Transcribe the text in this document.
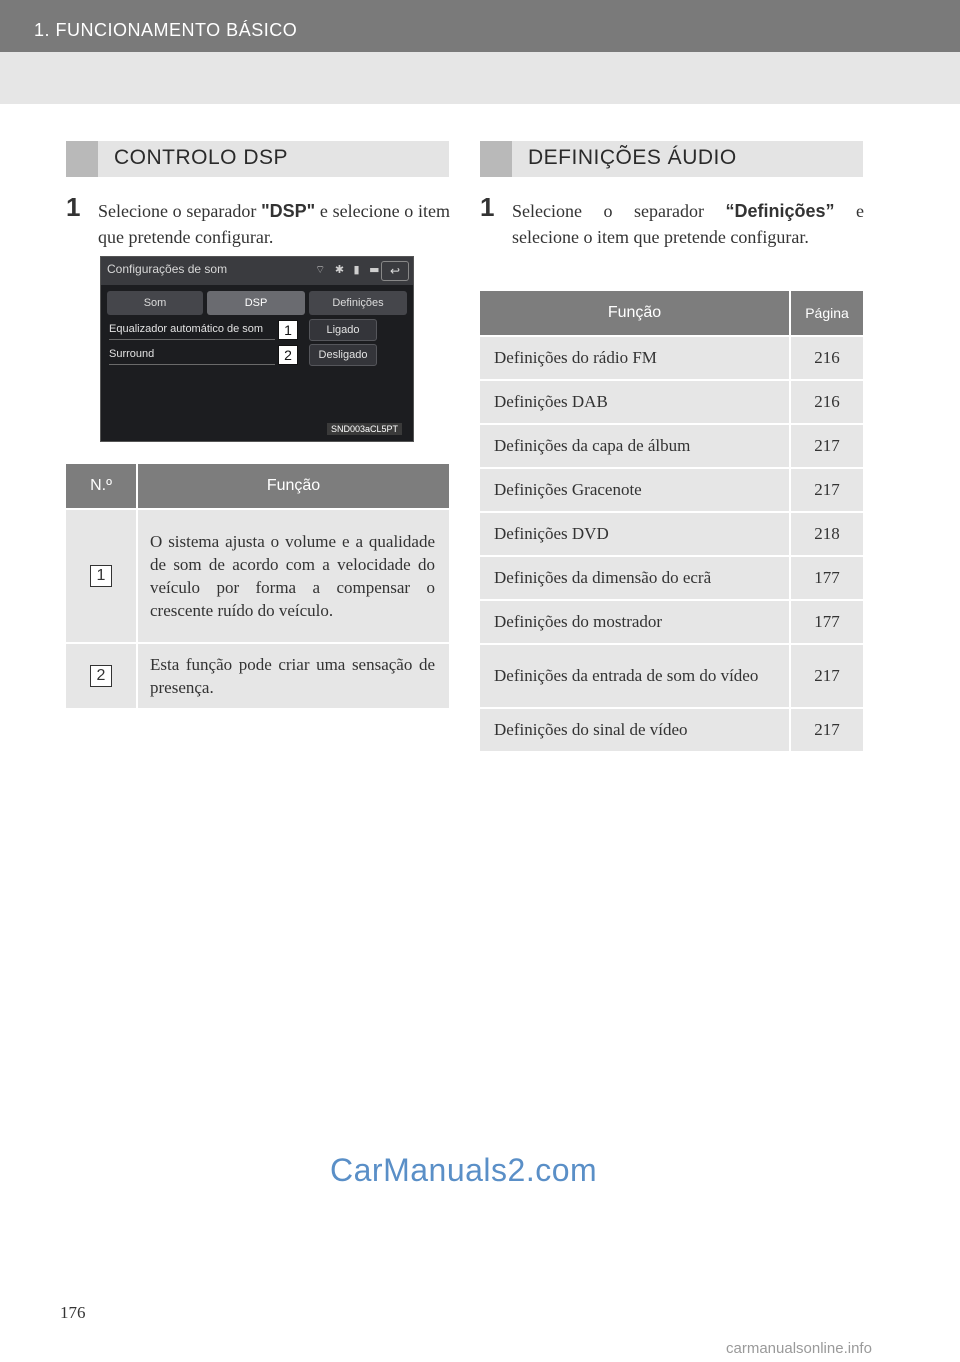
1. FUNCIONAMENTO BÁSICO
CONTROLO DSP
1 Selecione o separador "DSP" e selecione o item que pretende configurar.
Configurações de som	⌔ ✱ ▮ ▬ ↩
Som	DSP	Definições
Equalizador automático de som	1	Ligado
Surround	2	Desligado
SND003aCL5PT
N.º	Função
1	O sistema ajusta o volume e a qualidade de som de acordo com a velocidade do veículo por forma a compensar o crescente ruído do veículo.
2	Esta função pode criar uma sensação de presença.
DEFINIÇÕES ÁUDIO
1 Selecione o separador “Definições” e selecione o item que pretende configurar.
Função	Página
Definições do rádio FM	216
Definições DAB	216
Definições da capa de álbum	217
Definições Gracenote	217
Definições DVD	218
Definições da dimensão do ecrã	177
Definições do mostrador	177
Definições da entrada de som do vídeo	217
Definições do sinal de vídeo	217
CarManuals2.com
176
carmanualsonline.info
